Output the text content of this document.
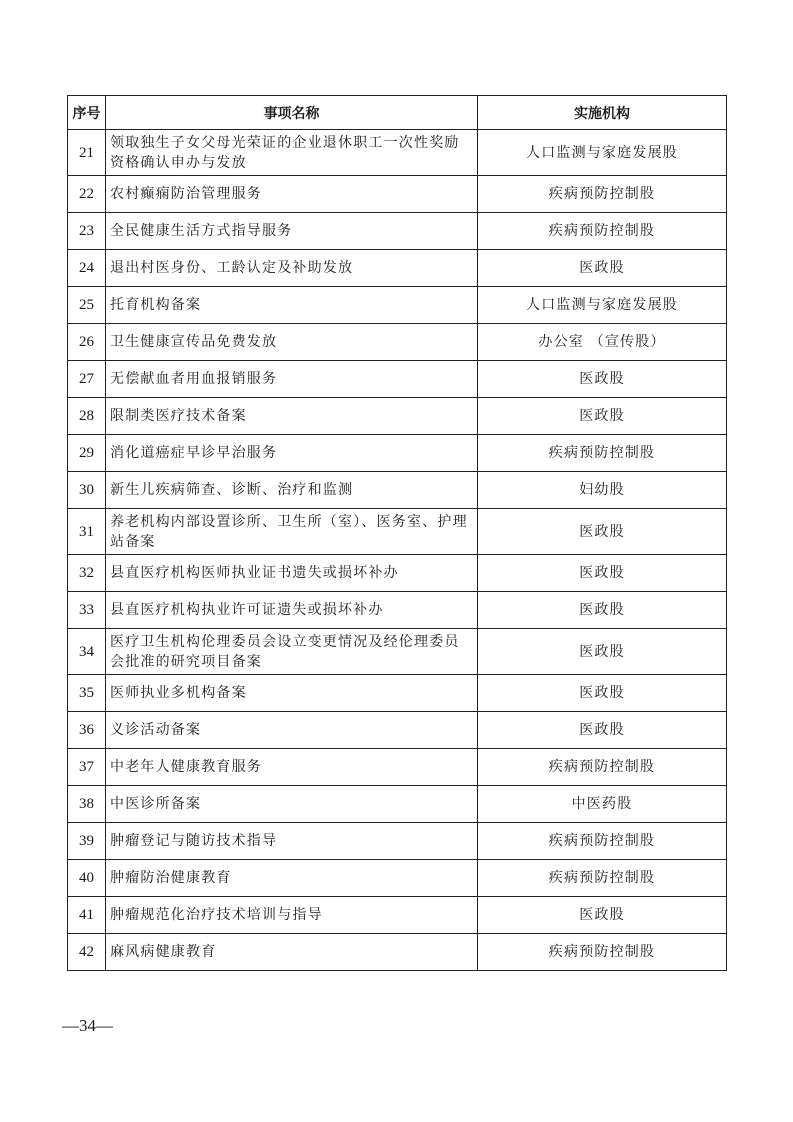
序号	事项名称	实施机构
21	领取独生子女父母光荣证的企业退休职工一次性奖励资格确认申办与发放	人口监测与家庭发展股
22	农村癫痫防治管理服务	疾病预防控制股
23	全民健康生活方式指导服务	疾病预防控制股
24	退出村医身份、工龄认定及补助发放	医政股
25	托育机构备案	人口监测与家庭发展股
26	卫生健康宣传品免费发放	办公室 （宣传股）
27	无偿献血者用血报销服务	医政股
28	限制类医疗技术备案	医政股
29	消化道癌症早诊早治服务	疾病预防控制股
30	新生儿疾病筛查、诊断、治疗和监测	妇幼股
31	养老机构内部设置诊所、卫生所（室）、医务室、护理站备案	医政股
32	县直医疗机构医师执业证书遗失或损坏补办	医政股
33	县直医疗机构执业许可证遗失或损坏补办	医政股
34	医疗卫生机构伦理委员会设立变更情况及经伦理委员会批准的研究项目备案	医政股
35	医师执业多机构备案	医政股
36	义诊活动备案	医政股
37	中老年人健康教育服务	疾病预防控制股
38	中医诊所备案	中医药股
39	肿瘤登记与随访技术指导	疾病预防控制股
40	肿瘤防治健康教育	疾病预防控制股
41	肿瘤规范化治疗技术培训与指导	医政股
42	麻风病健康教育	疾病预防控制股
—34—
